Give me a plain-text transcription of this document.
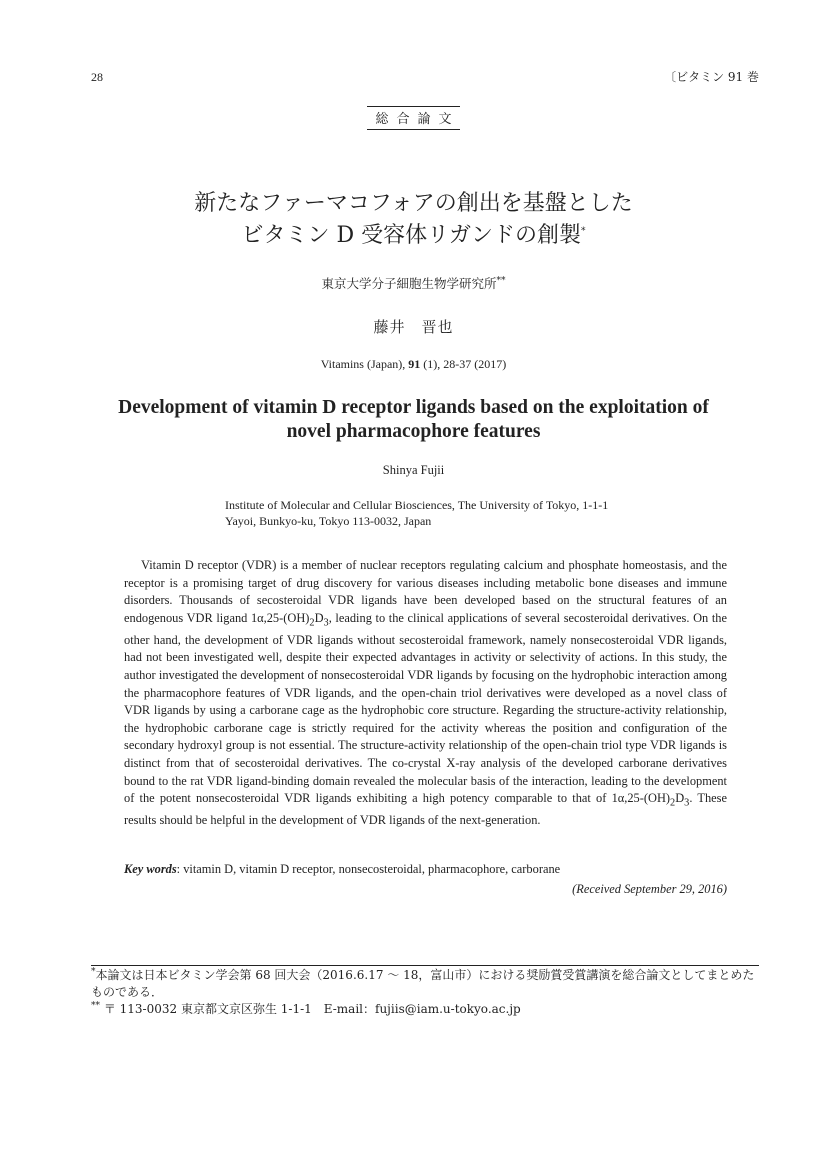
28	〔ビタミン 91 巻
総合論文
新たなファーマコフォアの創出を基盤とした
ビタミン D 受容体リガンドの創製*
東京大学分子細胞生物学研究所**
藤井　晋也
Vitamins (Japan), 91 (1), 28-37 (2017)
Development of vitamin D receptor ligands based on the exploitation of novel pharmacophore features
Shinya Fujii
Institute of Molecular and Cellular Biosciences, The University of Tokyo, 1-1-1
Yayoi, Bunkyo-ku, Tokyo 113-0032, Japan

Vitamin D receptor (VDR) is a member of nuclear receptors regulating calcium and phosphate homeostasis, and the receptor is a promising target of drug discovery for various diseases including metabolic bone diseases and immune disorders. Thousands of secosteroidal VDR ligands have been developed based on the structural features of an endogenous VDR ligand $1\alpha,25-(OH)_2D_3$, leading to the clinical applications of several secosteroidal derivatives. On the other hand, the development of VDR ligands without secosteroidal framework, namely nonsecosteroidal VDR ligands, had not been investigated well, despite their expected advantages in activity or selectivity of actions. In this study, the author investigated the development of nonsecosteroidal VDR ligands by focusing on the hydrophobic interaction among the pharmacophore features of VDR ligands, and the open-chain triol derivatives were developed as a novel class of VDR ligands by using a carborane cage as the hydrophobic core structure. Regarding the structure-activity relationship, the hydrophobic carborane cage is strictly required for the activity whereas the position and configuration of the secondary hydroxyl group is not essential. The structure-activity relationship of the open-chain triol type VDR ligands is distinct from that of secosteroidal derivatives. The co-crystal X-ray analysis of the developed carborane derivatives bound to the rat VDR ligand-binding domain revealed the molecular basis of the interaction, leading to the development of the potent nonsecosteroidal VDR ligands exhibiting a high potency comparable to that of $1\alpha,25-(OH)_2D_3$. These results should be helpful in the development of VDR ligands of the next-generation.

Key words: vitamin D, vitamin D receptor, nonsecosteroidal, pharmacophore, carborane
(Received September 29, 2016)
*本論文は日本ビタミン学会第 68 回大会（2016.6.17 ～ 18，富山市）における奨励賞受賞講演を総合論文としてまとめたものである．
** 〒 113-0032 東京都文京区弥生 1-1-1　E-mail：fujiis@iam.u-tokyo.ac.jp
